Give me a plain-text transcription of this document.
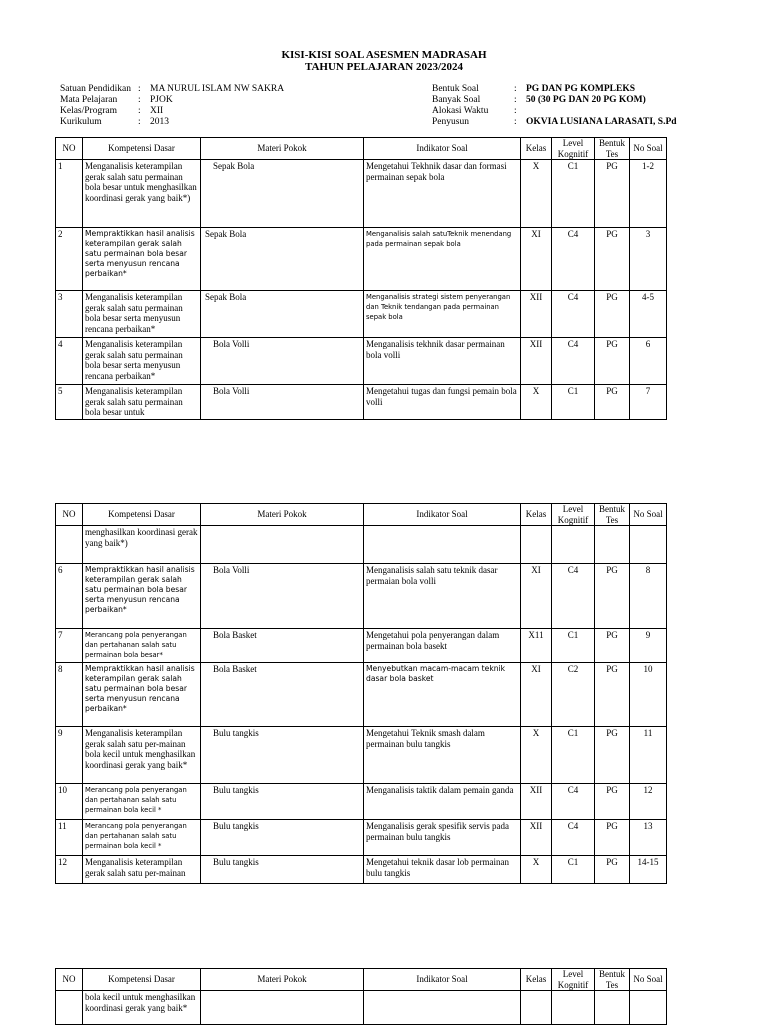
KISI-KISI SOAL ASESMEN MADRASAH
TAHUN PELAJARAN 2023/2024
Satuan Pendidikan : MA NURUL ISLAM NW SAKRA
Mata Pelajaran	: PJOK
Kelas/Program	: XII
Kurikulum	: 2013
Bentuk Soal	: PG DAN PG KOMPLEKS
Banyak Soal	: 50 (30 PG DAN 20 PG KOM)
Alokasi Waktu	:
Penyusun	: OKVIA LUSIANA LARASATI, S.Pd
NO	Kompetensi Dasar	Materi Pokok	Indikator Soal	Kelas	Level Kognitif	Bentuk Tes	No Soal
1	Menganalisis keterampilan gerak salah satu permainan bola besar untuk menghasilkan koordinasi gerak yang baik*)	Sepak Bola	Mengetahui Tekhnik dasar dan formasi permainan sepak bola	X	C1	PG	1-2
2	Mempraktikkan hasil analisis keterampilan gerak salah satu permainan bola besar serta menyusun rencana perbaikan*	Sepak Bola	Menganalisis salah satuTeknik menendang pada permainan sepak bola	XI	C4	PG	3
3	Menganalisis keterampilan gerak salah satu permainan bola besar serta menyusun rencana perbaikan*	Sepak Bola	Menganalisis strategi sistem penyerangan dan Teknik tendangan pada permainan sepak bola	XII	C4	PG	4-5
4	Menganalisis keterampilan gerak salah satu permainan bola besar serta menyusun rencana perbaikan*	Bola Volli	Menganalisis tekhnik dasar permainan bola volli	XII	C4	PG	6
5	Menganalisis keterampilan gerak salah satu permainan bola besar untuk	Bola Volli	Mengetahui tugas dan fungsi pemain bola volli	X	C1	PG	7
NO	Kompetensi Dasar	Materi Pokok	Indikator Soal	Kelas	Level Kognitif	Bentuk Tes	No Soal
	menghasilkan koordinasi gerak yang baik*)						
6	Mempraktikkan hasil analisis keterampilan gerak salah satu permainan bola besar serta menyusun rencana perbaikan*	Bola Volli	Menganalisis salah satu teknik dasar permaian bola volli	XI	C4	PG	8
7	Merancang pola penyerangan dan pertahanan salah satu permainan bola besar*	Bola Basket	Mengetahui pola penyerangan dalam permainan bola basekt	X11	C1	PG	9
8	Mempraktikkan hasil analisis keterampilan gerak salah satu permainan bola besar serta menyusun rencana perbaikan*	Bola Basket	Menyebutkan macam-macam teknik dasar bola basket	XI	C2	PG	10
9	Menganalisis keterampilan gerak salah satu per-mainan bola kecil untuk menghasilkan koordinasi gerak yang baik*	Bulu tangkis	Mengetahui Teknik smash dalam permainan bulu tangkis	X	C1	PG	11
10	Merancang pola penyerangan dan pertahanan salah satu permainan bola kecil *	Bulu tangkis	Menganalisis taktik dalam pemain ganda	XII	C4	PG	12
11	Merancang pola penyerangan dan pertahanan salah satu permainan bola kecil *	Bulu tangkis	Menganalisis gerak spesifik servis pada permainan bulu tangkis	XII	C4	PG	13
12	Menganalisis keterampilan gerak salah satu per-mainan	Bulu tangkis	Mengetahui teknik dasar lob permainan bulu tangkis	X	C1	PG	14-15
NO	Kompetensi Dasar	Materi Pokok	Indikator Soal	Kelas	Level Kognitif	Bentuk Tes	No Soal
	bola kecil untuk menghasilkan koordinasi gerak yang baik*						
